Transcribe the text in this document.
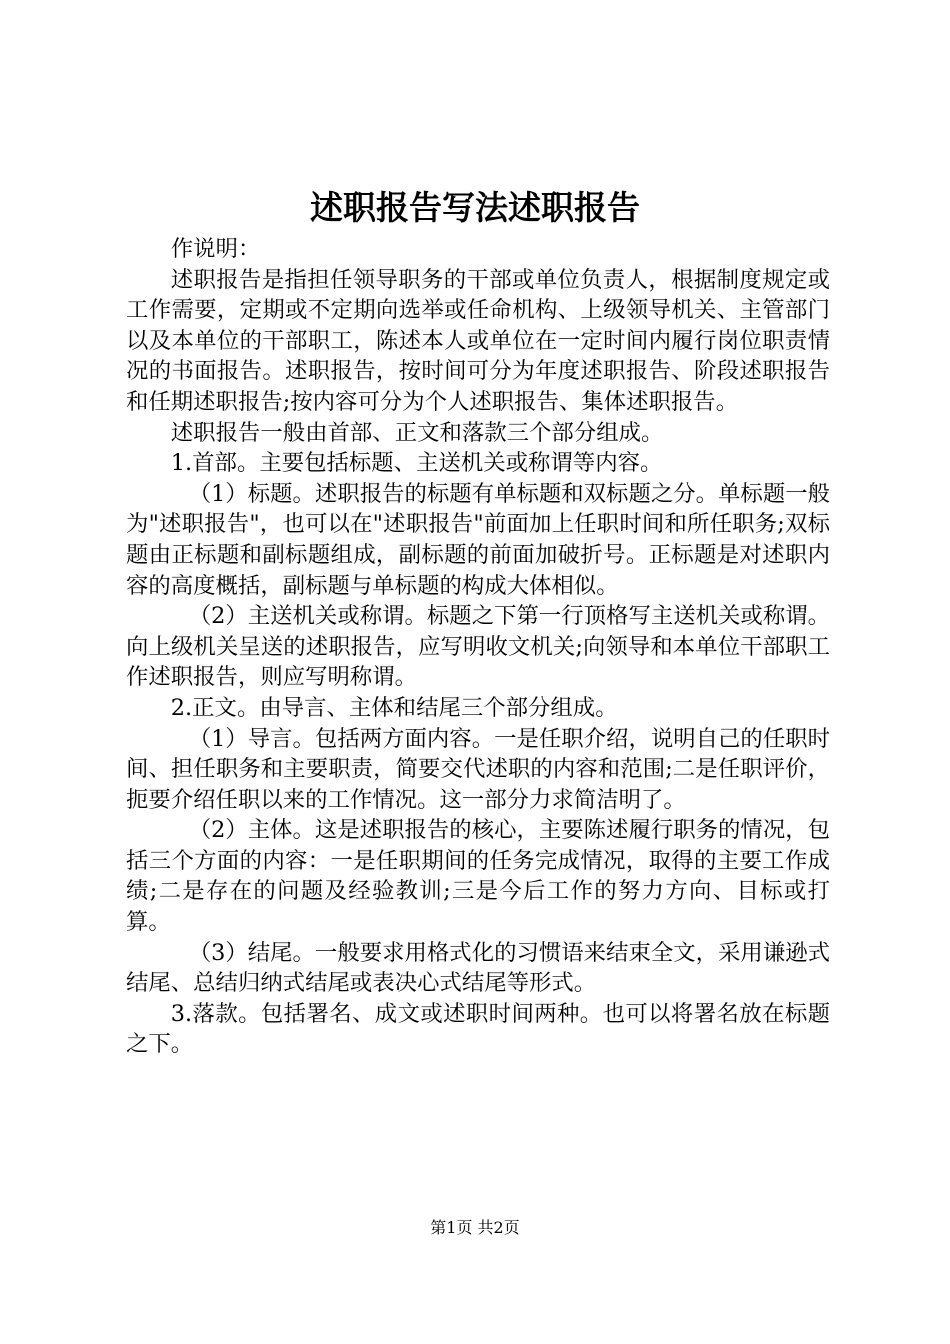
述职报告写法述职报告

作说明：

述职报告是指担任领导职务的干部或单位负责人，根据制度规定或工作需要，定期或不定期向选举或任命机构、上级领导机关、主管部门以及本单位的干部职工，陈述本人或单位在一定时间内履行岗位职责情况的书面报告。述职报告，按时间可分为年度述职报告、阶段述职报告和任期述职报告;按内容可分为个人述职报告、集体述职报告。

述职报告一般由首部、正文和落款三个部分组成。

1.首部。主要包括标题、主送机关或称谓等内容。

（1）标题。述职报告的标题有单标题和双标题之分。单标题一般为"述职报告"，也可以在"述职报告"前面加上任职时间和所任职务;双标题由正标题和副标题组成，副标题的前面加破折号。正标题是对述职内容的高度概括，副标题与单标题的构成大体相似。

（2）主送机关或称谓。标题之下第一行顶格写主送机关或称谓。向上级机关呈送的述职报告，应写明收文机关;向领导和本单位干部职工作述职报告，则应写明称谓。

2.正文。由导言、主体和结尾三个部分组成。

（1）导言。包括两方面内容。一是任职介绍，说明自己的任职时间、担任职务和主要职责，简要交代述职的内容和范围;二是任职评价，扼要介绍任职以来的工作情况。这一部分力求简洁明了。

（2）主体。这是述职报告的核心，主要陈述履行职务的情况，包括三个方面的内容：一是任职期间的任务完成情况，取得的主要工作成绩;二是存在的问题及经验教训;三是今后工作的努力方向、目标或打算。

（3）结尾。一般要求用格式化的习惯语来结束全文，采用谦逊式结尾、总结归纳式结尾或表决心式结尾等形式。

3.落款。包括署名、成文或述职时间两种。也可以将署名放在标题之下。

第1页 共2页
